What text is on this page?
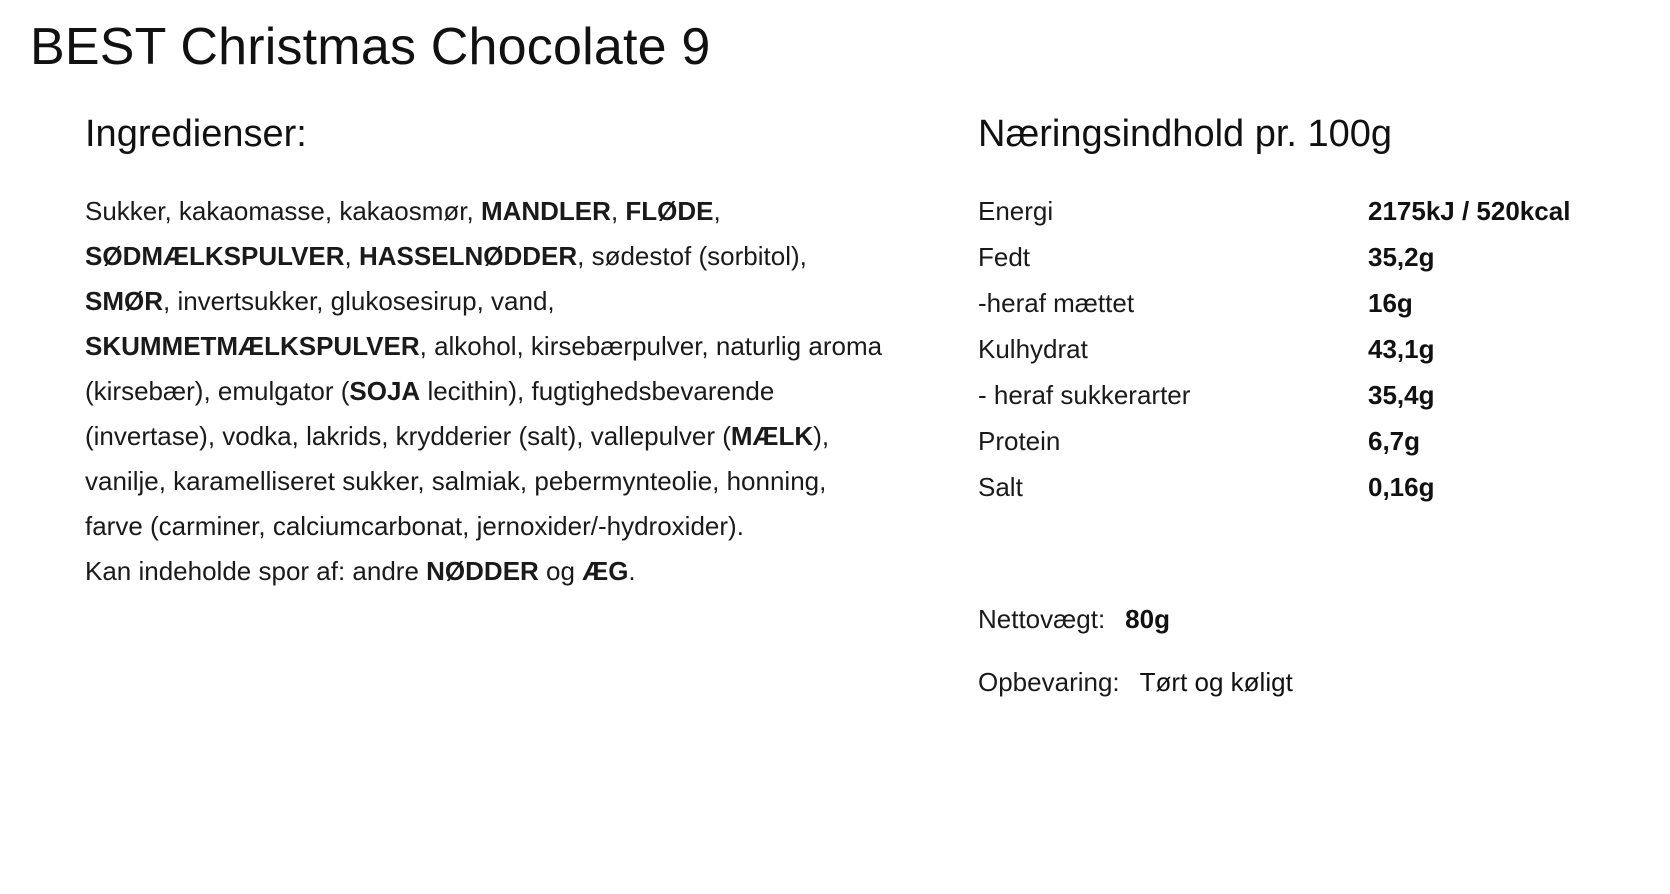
BEST Christmas Chocolate 9
Ingredienser:
Sukker, kakaomasse, kakaosmør, MANDLER, FLØDE, SØDMÆLKSPULVER, HASSELNØDDER, sødestof (sorbitol), SMØR, invertsukker, glukosesirup, vand, SKUMMETMÆLKSPULVER, alkohol, kirsebærpulver, naturlig aroma (kirsebær), emulgator (SOJA lecithin), fugtighedsbevarende (invertase), vodka, lakrids, krydderier (salt), vallepulver (MÆLK), vanilje, karamelliseret sukker, salmiak, pebermynteolie, honning, farve (carminer, calciumcarbonat, jernoxider/-hydroxider).
Kan indeholde spor af: andre NØDDER og ÆG.
Næringsindhold pr. 100g
Energi	2175kJ / 520kcal
Fedt	35,2g
-heraf mættet	16g
Kulhydrat	43,1g
- heraf sukkerarter	35,4g
Protein	6,7g
Salt	0,16g
Nettovægt: 80g
Opbevaring: Tørt og køligt
